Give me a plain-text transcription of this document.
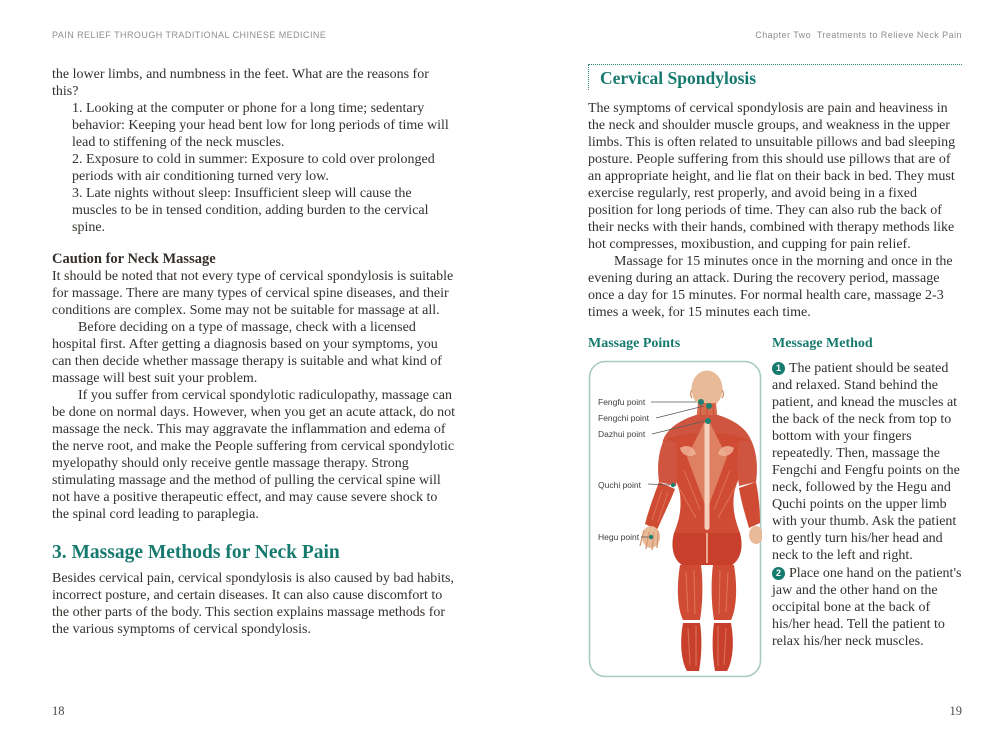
PAIN RELIEF THROUGH TRADITIONAL CHINESE MEDICINE

the lower limbs, and numbness in the feet. What are the reasons for this?

1. Looking at the computer or phone for a long time; sedentary behavior: Keeping your head bent low for long periods of time will lead to stiffening of the neck muscles.

2. Exposure to cold in summer: Exposure to cold over prolonged periods with air conditioning turned very low.

3. Late nights without sleep: Insufficient sleep will cause the muscles to be in tensed condition, adding burden to the cervical spine.

Caution for Neck Massage

It should be noted that not every type of cervical spondylosis is suitable for massage. There are many types of cervical spine diseases, and their conditions are complex. Some may not be suitable for massage at all.

Before deciding on a type of massage, check with a licensed hospital first. After getting a diagnosis based on your symptoms, you can then decide whether massage therapy is suitable and what kind of massage will best suit your problem.

If you suffer from cervical spondylotic radiculopathy, massage can be done on normal days. However, when you get an acute attack, do not massage the neck. This may aggravate the inflammation and edema of the nerve root, and make the People suffering from cervical spondylotic myelopathy should only receive gentle massage therapy. Strong stimulating massage and the method of pulling the cervical spine will not have a positive therapeutic effect, and may cause severe shock to the spinal cord leading to paraplegia.

3. Massage Methods for Neck Pain

Besides cervical pain, cervical spondylosis is also caused by bad habits, incorrect posture, and certain diseases. It can also cause discomfort to the other parts of the body. This section explains massage methods for the various symptoms of cervical spondylosis.

18
Chapter Two  Treatments to Relieve Neck Pain
Cervical Spondylosis

The symptoms of cervical spondylosis are pain and heaviness in the neck and shoulder muscle groups, and weakness in the upper limbs. This is often related to unsuitable pillows and bad sleeping posture. People suffering from this should use pillows that are of an appropriate height, and lie flat on their back in bed. They must exercise regularly, rest properly, and avoid being in a fixed position for long periods of time. They can also rub the back of their necks with their hands, combined with therapy methods like hot compresses, moxibustion, and cupping for pain relief.

Massage for 15 minutes once in the morning and once in the evening during an attack. During the recovery period, massage once a day for 15 minutes. For normal health care, massage 2-3 times a week, for 15 minutes each time.

Massage Points
Fengfu point
Fengchi point
Dazhui point
Quchi point
Hegu point
Message Method

1 The patient should be seated and relaxed. Stand behind the patient, and knead the muscles at the back of the neck from top to bottom with your fingers repeatedly. Then, massage the Fengchi and Fengfu points on the neck, followed by the Hegu and Quchi points on the upper limb with your thumb. Ask the patient to gently turn his/her head and neck to the left and right.

2 Place one hand on the patient's jaw and the other hand on the occipital bone at the back of his/her head. Tell the patient to relax his/her neck muscles.

19
